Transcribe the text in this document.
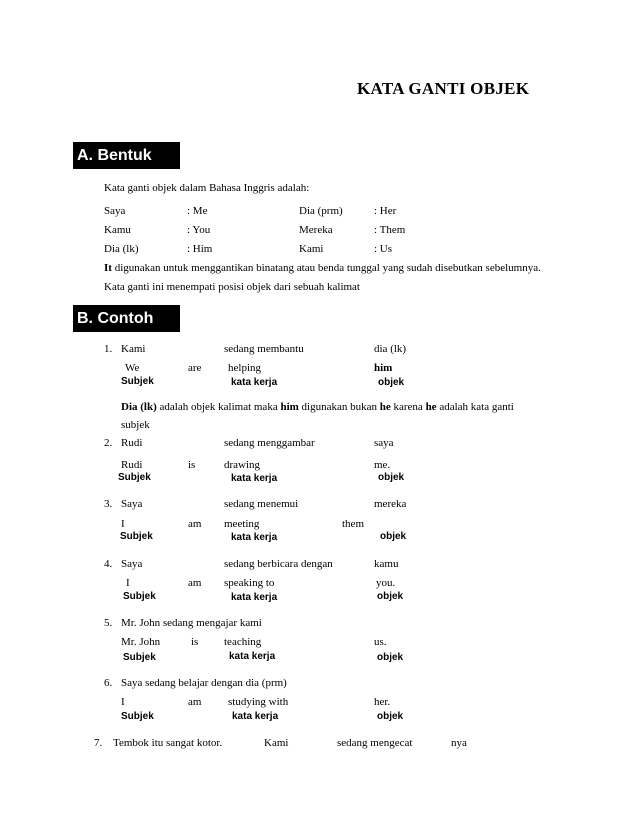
KATA GANTI OBJEK
A. Bentuk
Kata ganti objek dalam Bahasa Inggris adalah:
Saya	: Me	Dia (prm)	: Her
Kamu	: You	Mereka	: Them
Dia (lk)	: Him	Kami	: Us
It digunakan untuk menggantikan binatang atau benda tunggal yang sudah disebutkan sebelumnya.
Kata ganti ini menempati posisi objek dari sebuah kalimat
B. Contoh
1. Kami	sedang membantu	dia (lk)
We	are helping	him
Subjek	kata kerja	objek
Dia (lk) adalah objek kalimat maka him digunakan bukan he karena he adalah kata ganti
subjek
2. Rudi	sedang menggambar	saya
Rudi	is	drawing	me.
Subjek	kata kerja	objek
3. Saya	sedang menemui	mereka
I	am meeting	them
Subjek	kata kerja	objek
4. Saya	sedang berbicara dengan	kamu
I	am speaking to	you.
Subjek	kata kerja	objek
5. Mr. John sedang mengajar kami
Mr. John	is teaching	us.
Subjek	kata kerja	objek
6. Saya sedang belajar dengan dia (prm)
I	am studying with	her.
Subjek	kata kerja	objek
7. Tembok itu sangat kotor.	Kami	sedang mengecat	nya
